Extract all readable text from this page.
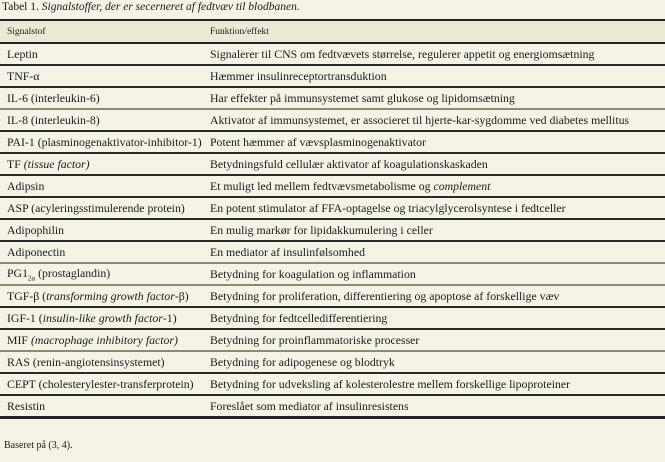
Tabel 1. Signalstoffer, der er secerneret af fedtvæv til blodbanen.
Signalstof	Funktion/effekt
Leptin	Signalerer til CNS om fedtvævets størrelse, regulerer appetit og energiomsætning
TNF-α	Hæmmer insulinreceptortransduktion
IL-6 (interleukin-6)	Har effekter på immunsystemet samt glukose og lipidomsætning
IL-8 (interleukin-8)	Aktivator af immunsystemet, er associeret til hjerte-kar-sygdomme ved diabetes mellitus
PAI-1 (plasminogenaktivator-inhibitor-1)	Potent hæmmer af vævsplasminogenaktivator
TF (tissue factor)	Betydningsfuld cellulær aktivator af koagulationskaskaden
Adipsin	Et muligt led mellem fedtvævsmetabolisme og complement
ASP (acyleringsstimulerende protein)	En potent stimulator af FFA-optagelse og triacylglycerolsyntese i fedtceller
Adipophilin	En mulig markør for lipidakkumulering i celler
Adiponectin	En mediator af insulinfølsomhed
$PG1_{2\alpha}$ (prostaglandin)	Betydning for koagulation og inflammation
TGF-β (transforming growth factor-β)	Betydning for proliferation, differentiering og apoptose af forskellige væv
IGF-1 (insulin-like growth factor-1)	Betydning for fedtcelledifferentiering
MIF (macrophage inhibitory factor)	Betydning for proinflammatoriske processer
RAS (renin-angiotensinsystemet)	Betydning for adipogenese og blodtryk
CEPT (cholesterylester-transferprotein)	Betydning for udveksling af kolesterolestre mellem forskellige lipoproteiner
Resistin	Foreslået som mediator af insulinresistens
Baseret på (3, 4).
